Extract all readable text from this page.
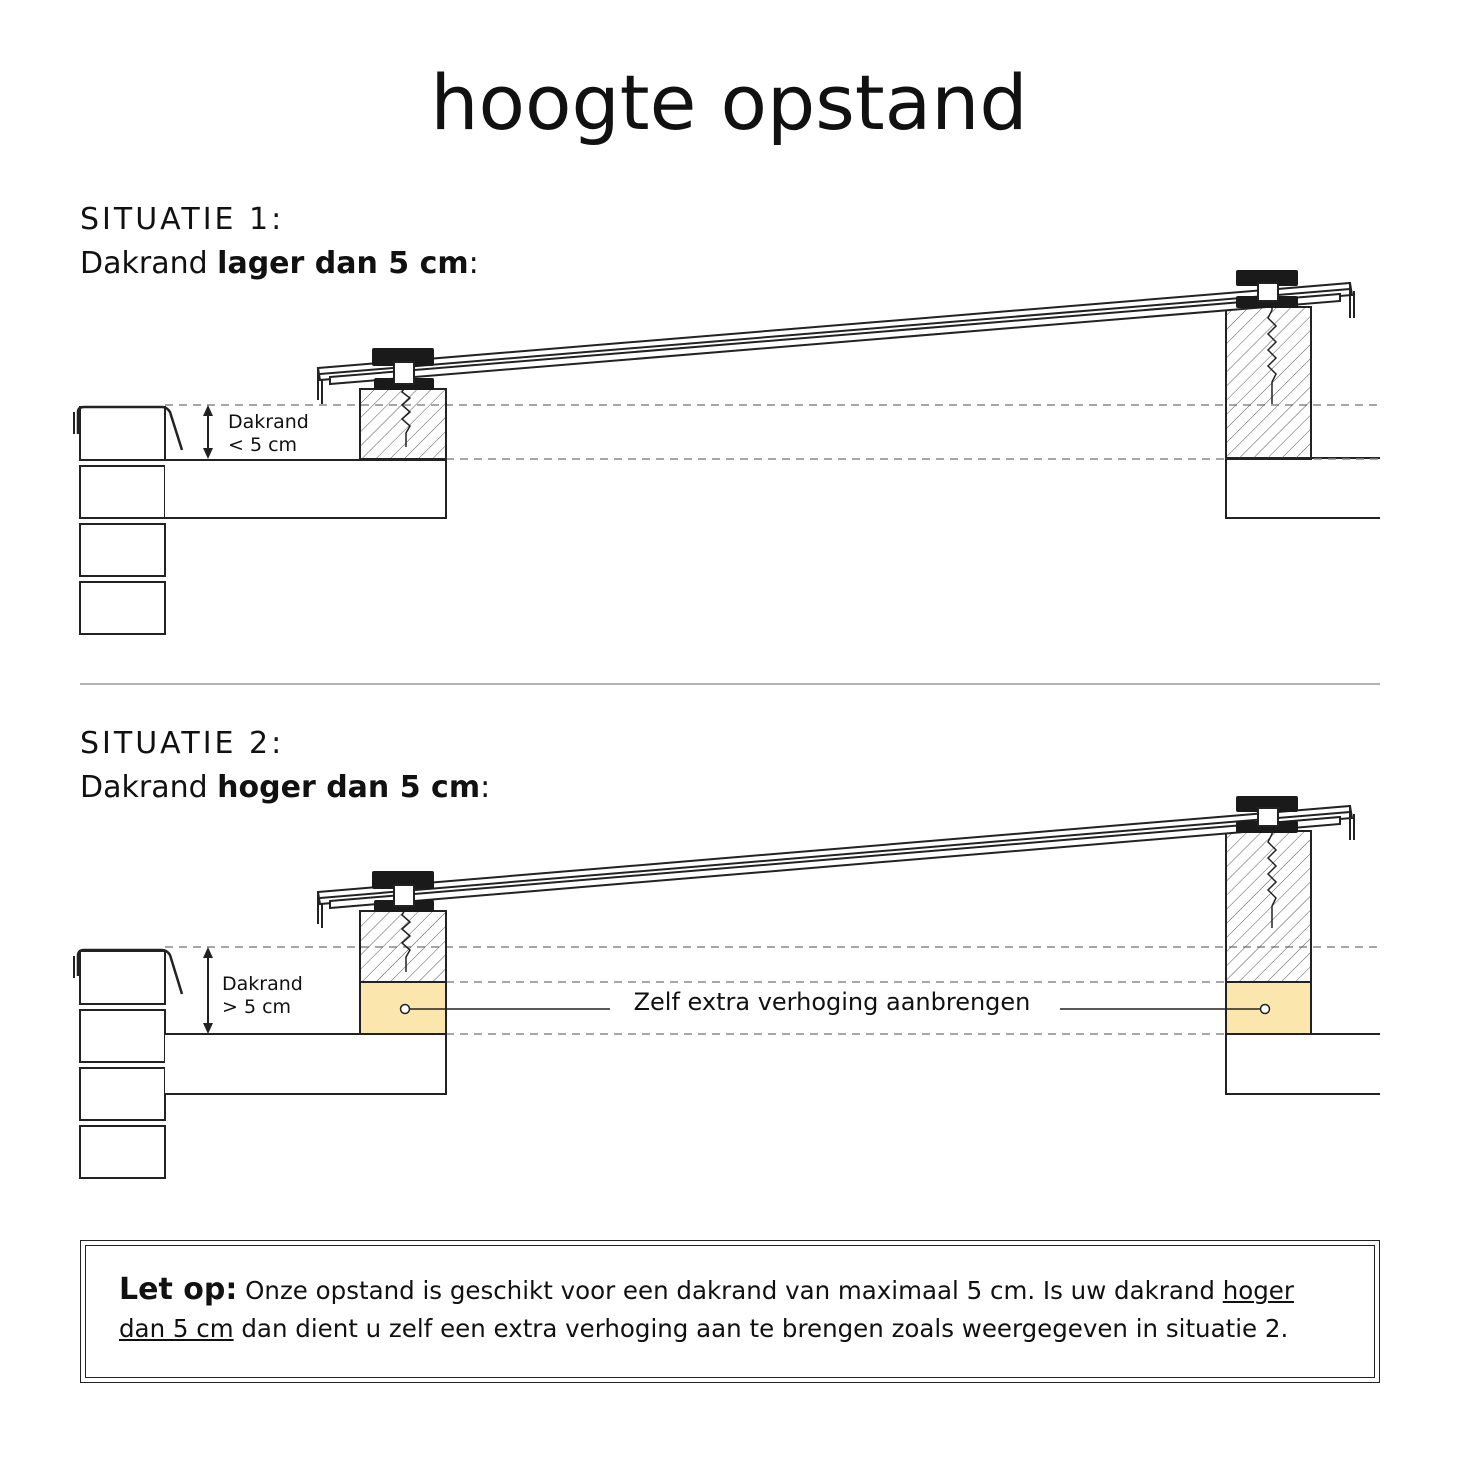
hoogte opstand
SITUATIE 1:
Dakrand lager dan 5 cm:
SITUATIE 2:
Dakrand hoger dan 5 cm:
Dakrand
< 5 cm
Dakrand
> 5 cm	Zelf extra verhoging aanbrengen
Let op: Onze opstand is geschikt voor een dakrand van maximaal 5 cm. Is uw dakrand hoger dan 5 cm dan dient u zelf een extra verhoging aan te brengen zoals weergegeven in situatie 2.
